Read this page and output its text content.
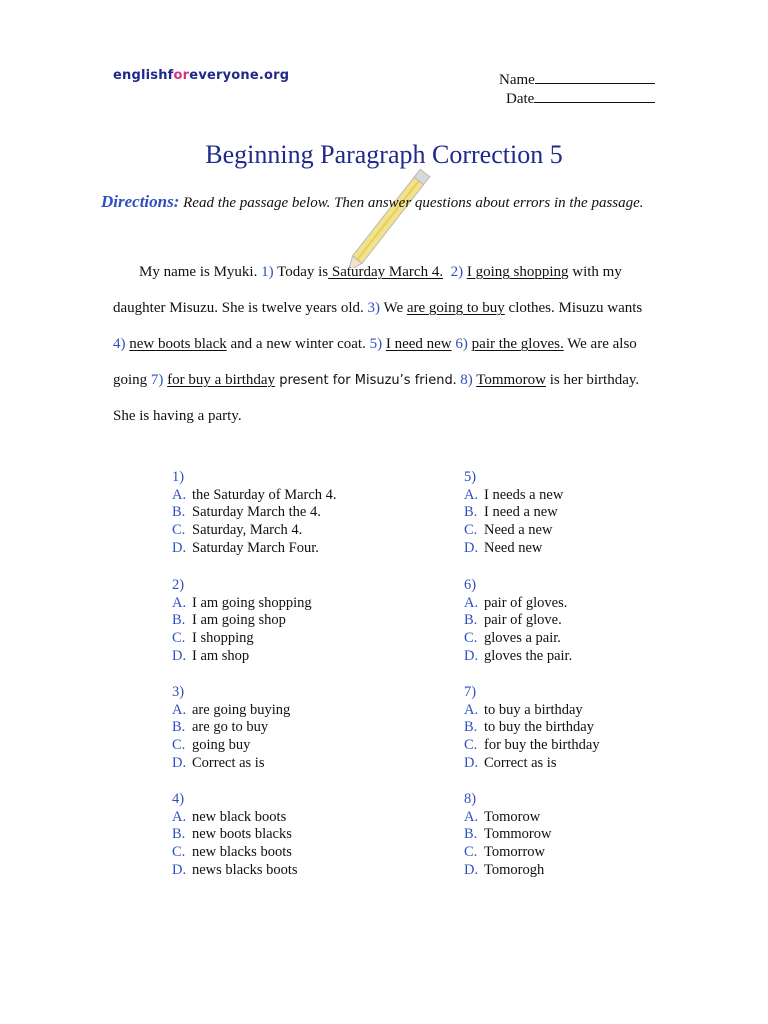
englishforeveryone.org	Name
Date
Beginning Paragraph Correction 5
Directions: Read the passage below. Then answer questions about errors in the passage.
My name is Myuki. 1) Today is Saturday March 4. 2) I going shopping with my
daughter Misuzu. She is twelve years old. 3) We are going to buy clothes. Misuzu wants
4) new boots black and a new winter coat. 5) I need new 6) pair the gloves. We are also
going 7) for buy a birthday present for Misuzu’s friend. 8) Tommorow is her birthday.
She is having a party.
1)
A. the Saturday of March 4.
B. Saturday March the 4.
C. Saturday, March 4.
D. Saturday March Four.
2)
A. I am going shopping
B. I am going shop
C. I shopping
D. I am shop
3)
A. are going buying
B. are go to buy
C. going buy
D. Correct as is
4)
A. new black boots
B. new boots blacks
C. new blacks boots
D. news blacks boots
5)
A. I needs a new
B. I need a new
C. Need a new
D. Need new
6)
A. pair of gloves.
B. pair of glove.
C. gloves a pair.
D. gloves the pair.
7)
A. to buy a birthday
B. to buy the birthday
C. for buy the birthday
D. Correct as is
8)
A. Tomorow
B. Tommorow
C. Tomorrow
D. Tomorogh
